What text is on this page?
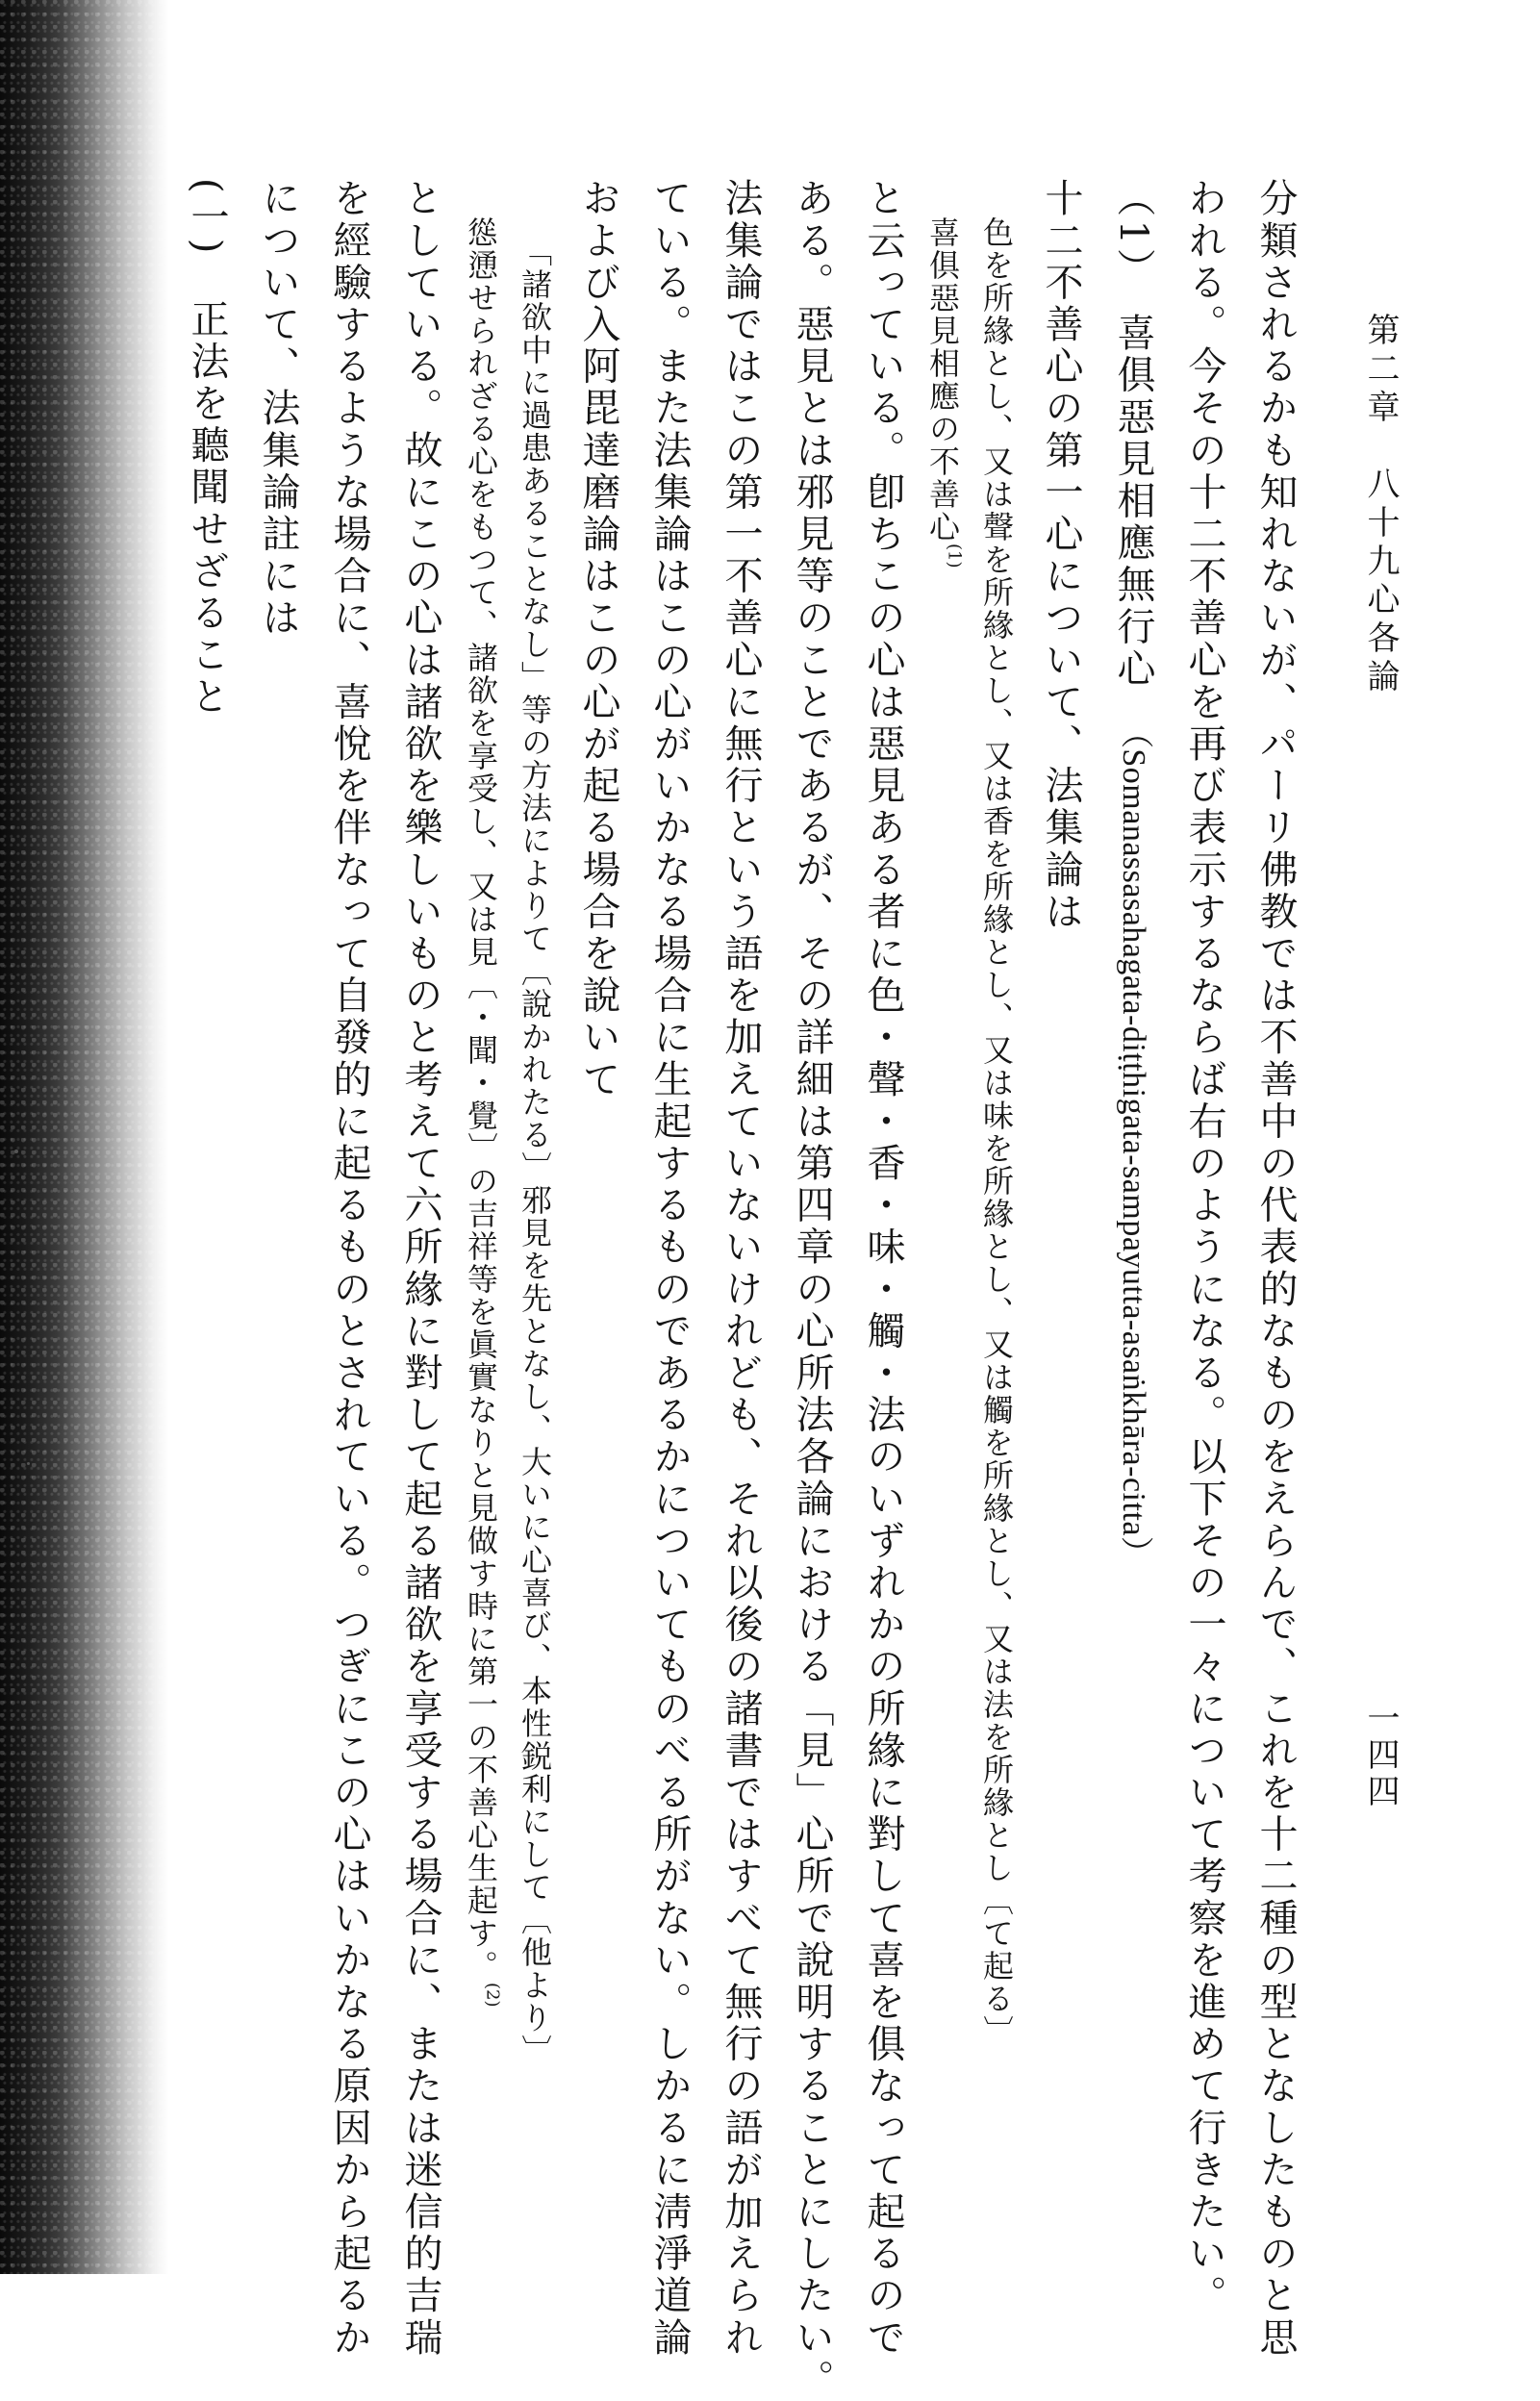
第二章　八十九心各論
一四四
分類されるかも知れないが、パーリ佛教では不善中の代表的なものをえらんで、これを十二種の型となしたものと思
われる。今その十二不善心を再び表示するならば右のようになる。以下その一々について考察を進めて行きたい。
（1）　喜俱惡見相應無行心　（Somanassasahagata-diṭṭhigata-sampayutta-asaṅkhāra-citta）
十二不善心の第一心について、法集論は
色を所緣とし、又は聲を所緣とし、又は香を所緣とし、又は味を所緣とし、又は觸を所緣とし、又は法を所緣とし〔て起る〕
喜俱惡見相應の不善心$^{(1)}$
と云っている。卽ちこの心は惡見ある者に色・聲・香・味・觸・法のいずれかの所緣に對して喜を俱なって起るので
ある。惡見とは邪見等のことであるが、その詳細は第四章の心所法各論における「見」心所で說明することにしたい。
法集論ではこの第一不善心に無行という語を加えていないけれども、それ以後の諸書ではすべて無行の語が加えられ
ている。また法集論はこの心がいかなる場合に生起するものであるかについてものべる所がない。しかるに淸淨道論
および入阿毘達磨論はこの心が起る場合を說いて
「諸欲中に過患あることなし」等の方法によりて〔說かれたる〕邪見を先となし、大いに心喜び、本性鋭利にして〔他より〕
慫慂せられざる心をもつて、諸欲を享受し、又は見〔・聞・覺〕の吉祥等を眞實なりと見做す時に第一の不善心生起す。$^{(2)}$
としている。故にこの心は諸欲を樂しいものと考えて六所緣に對して起る諸欲を享受する場合に、または迷信的吉瑞
を經驗するような場合に、喜悅を伴なって自發的に起るものとされている。つぎにこの心はいかなる原因から起るか
について、法集論註には
(一)　正法を聽聞せざること
